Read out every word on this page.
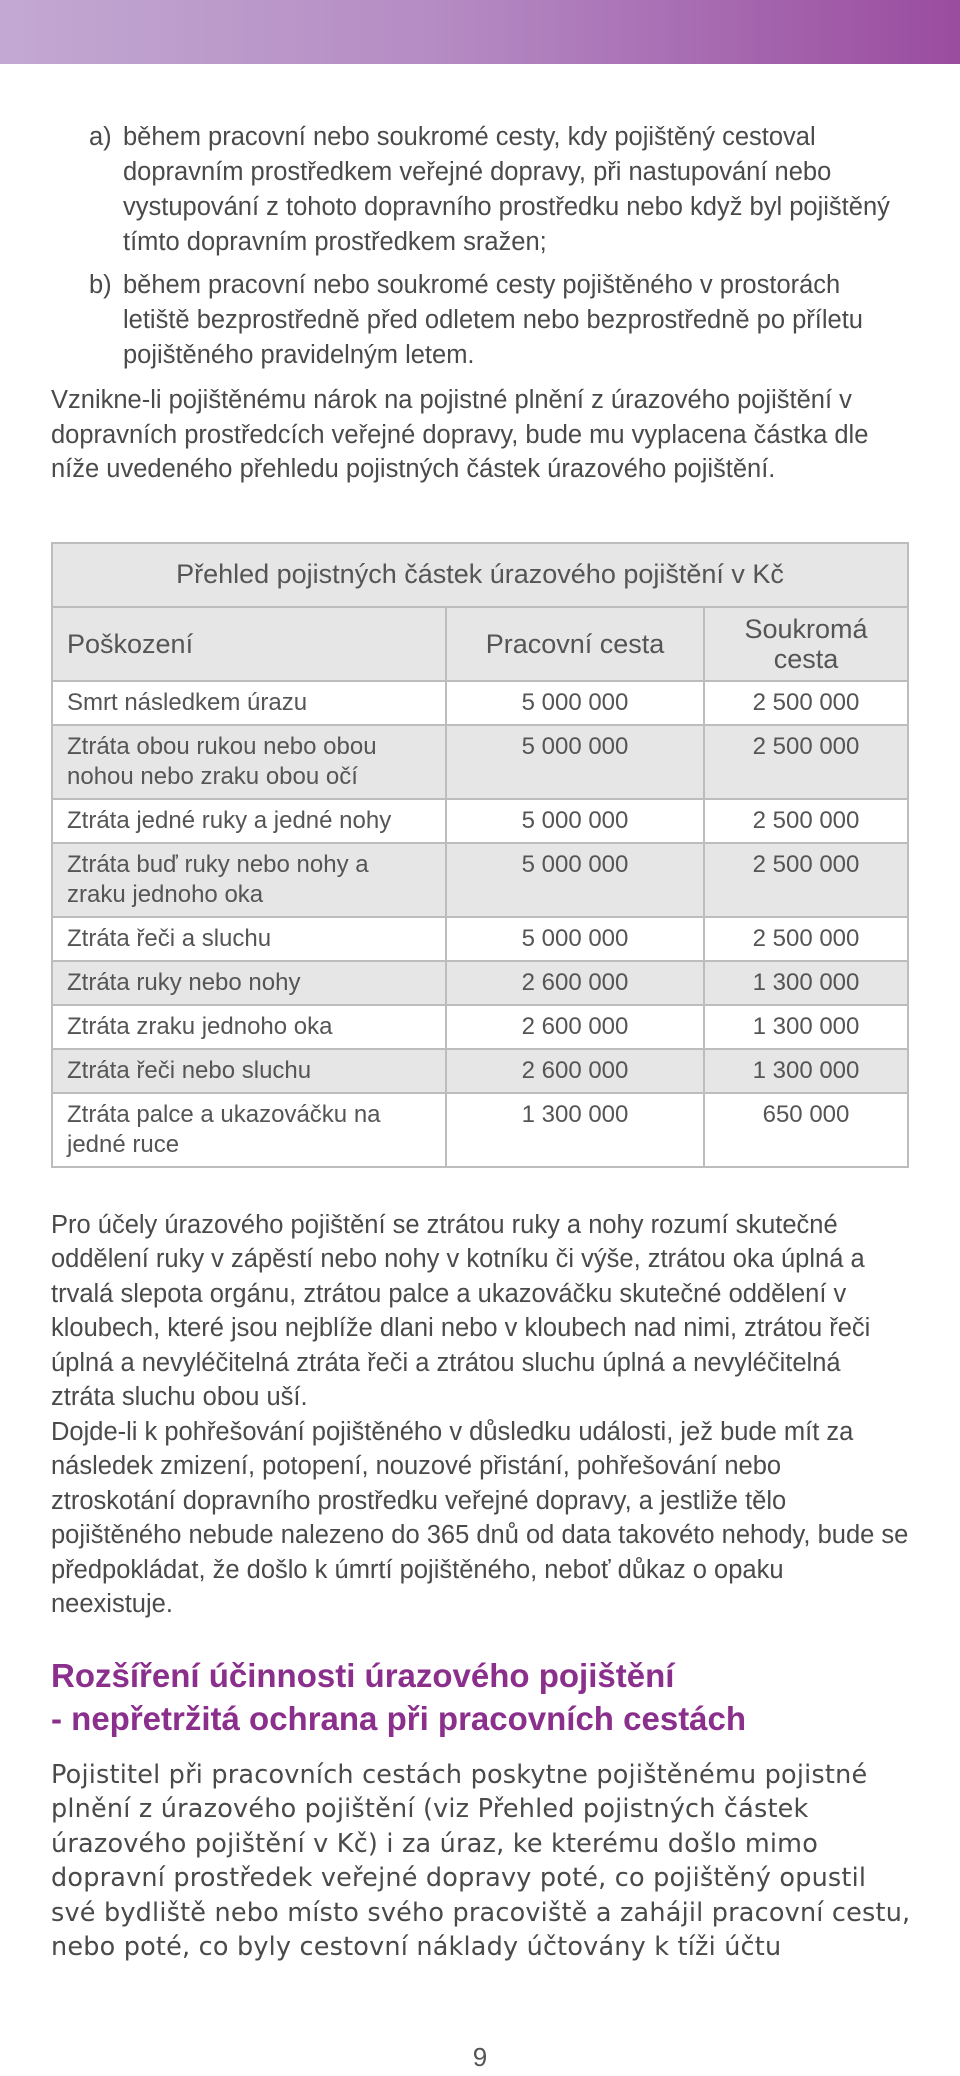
a) během pracovní nebo soukromé cesty, kdy pojištěný cestoval dopravním prostředkem veřejné dopravy, při nastupování nebo vystupování z tohoto dopravního prostředku nebo když byl pojištěný tímto dopravním prostředkem sražen;
b) během pracovní nebo soukromé cesty pojištěného v prostorách letiště bezprostředně před odletem nebo bezprostředně po příletu pojištěného pravidelným letem.

Vznikne-li pojištěnému nárok na pojistné plnění z úrazového pojištění v dopravních prostředcích veřejné dopravy, bude mu vyplacena částka dle níže uvedeného přehledu pojistných částek úrazového pojištění.

Přehled pojistných částek úrazového pojištění v Kč		
Poškození	Pracovní cesta	Soukromá cesta
Smrt následkem úrazu	5 000 000	2 500 000
Ztráta obou rukou nebo obou nohou nebo zraku obou očí	5 000 000	2 500 000
Ztráta jedné ruky a jedné nohy	5 000 000	2 500 000
Ztráta buď ruky nebo nohy a zraku jednoho oka	5 000 000	2 500 000
Ztráta řeči a sluchu	5 000 000	2 500 000
Ztráta ruky nebo nohy	2 600 000	1 300 000
Ztráta zraku jednoho oka	2 600 000	1 300 000
Ztráta řeči nebo sluchu	2 600 000	1 300 000
Ztráta palce a ukazováčku na jedné ruce	1 300 000	650 000

Pro účely úrazového pojištění se ztrátou ruky a nohy rozumí skutečné oddělení ruky v zápěstí nebo nohy v kotníku či výše, ztrátou oka úplná a trvalá slepota orgánu, ztrátou palce a ukazováčku skutečné oddělení v kloubech, které jsou nejblíže dlani nebo v kloubech nad nimi, ztrátou řeči úplná a nevyléčitelná ztráta řeči a ztrátou sluchu úplná a nevyléčitelná ztráta sluchu obou uší.

Dojde-li k pohřešování pojištěného v důsledku události, jež bude mít za následek zmizení, potopení, nouzové přistání, pohřešování nebo ztroskotání dopravního prostředku veřejné dopravy, a jestliže tělo pojištěného nebude nalezeno do 365 dnů od data takovéto nehody, bude se předpokládat, že došlo k úmrtí pojištěného, neboť důkaz o opaku neexistuje.

Rozšíření účinnosti úrazového pojištění
- nepřetržitá ochrana při pracovních cestách

Pojistitel při pracovních cestách poskytne pojištěnému pojistné plnění z úrazového pojištění (viz Přehled pojistných částek úrazového pojištění v Kč) i za úraz, ke kterému došlo mimo dopravní prostředek veřejné dopravy poté, co pojištěný opustil své bydliště nebo místo svého pracoviště a zahájil pracovní cestu, nebo poté, co byly cestovní náklady účtovány k tíži účtu

9
